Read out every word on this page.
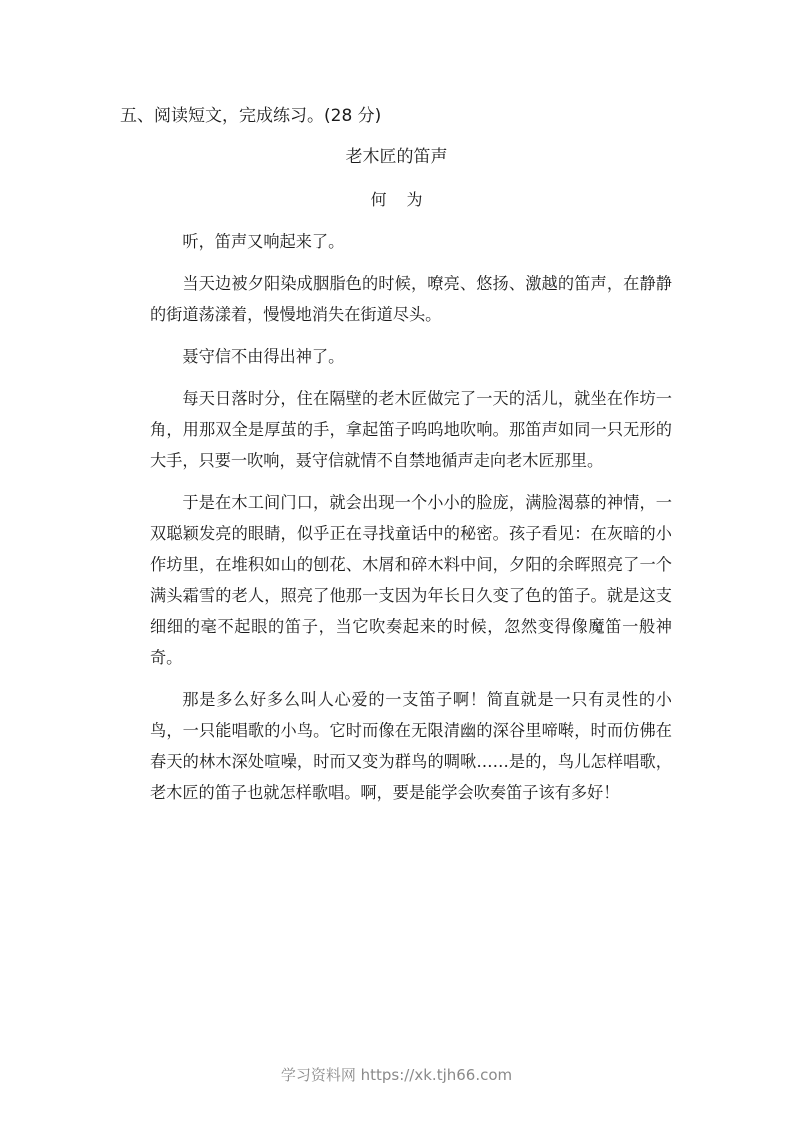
五、阅读短文，完成练习。(28 分)
老木匠的笛声
何为

听，笛声又响起来了。

当天边被夕阳染成胭脂色的时候，嘹亮、悠扬、激越的笛声，在静静的街道荡漾着，慢慢地消失在街道尽头。

聂守信不由得出神了。

每天日落时分，住在隔壁的老木匠做完了一天的活儿，就坐在作坊一角，用那双全是厚茧的手，拿起笛子呜呜地吹响。那笛声如同一只无形的大手，只要一吹响，聂守信就情不自禁地循声走向老木匠那里。

于是在木工间门口，就会出现一个小小的脸庞，满脸渴慕的神情，一双聪颖发亮的眼睛，似乎正在寻找童话中的秘密。孩子看见：在灰暗的小作坊里，在堆积如山的刨花、木屑和碎木料中间，夕阳的余晖照亮了一个满头霜雪的老人，照亮了他那一支因为年长日久变了色的笛子。就是这支细细的毫不起眼的笛子，当它吹奏起来的时候，忽然变得像魔笛一般神奇。

那是多么好多么叫人心爱的一支笛子啊！简直就是一只有灵性的小鸟，一只能唱歌的小鸟。它时而像在无限清幽的深谷里啼啭，时而仿佛在春天的林木深处喧噪，时而又变为群鸟的啁啾……是的，鸟儿怎样唱歌，老木匠的笛子也就怎样歌唱。啊，要是能学会吹奏笛子该有多好！

学习资料网 https://xk.tjh66.com
